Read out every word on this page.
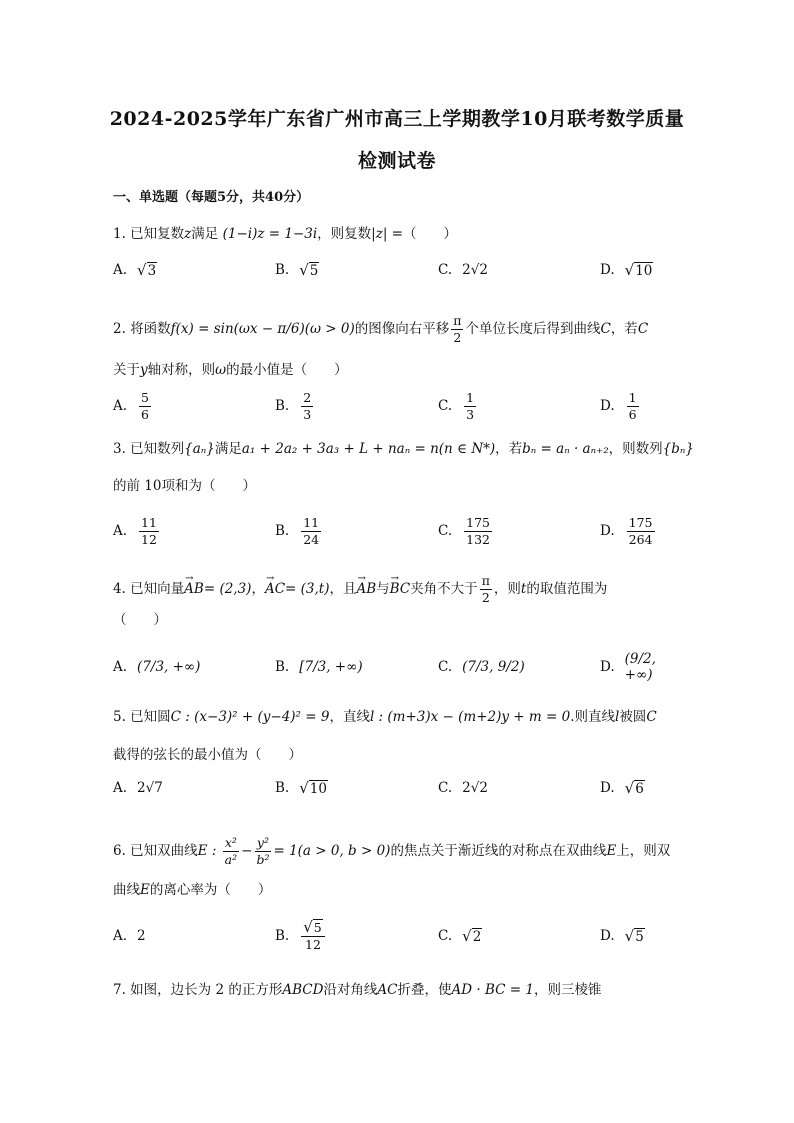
2024-2025学年广东省广州市高三上学期教学10月联考数学质量
检测试卷
一、单选题（每题5分，共40分）
1. 已知复数z满足 (1−i)z = 1−3i，则复数|z| =（　　）
A. √3	B. √5	C. 2√2	D. √10
2. 将函数f(x) = sin(ωx − π/6)(ω > 0)的图像向右平移 $\frac{\pi}{2}$ 个单位长度后得到曲线C，若C
关于y轴对称，则ω的最小值是（　　）
A. $\frac{5}{6}$	B. $\frac{2}{3}$	C. $\frac{1}{3}$	D. $\frac{1}{6}$
3. 已知数列{aₙ}满足a₁ + 2a₂ + 3a₃ + L + naₙ = n(n ∈ N*)，若bₙ = aₙ · aₙ₊₂，则数列{bₙ}
的前 10项和为（　　）
A. $\frac{11}{12}$	B. $\frac{11}{24}$	C. $\frac{175}{132}$	D. $\frac{175}{264}$
4. 已知向量→ AB= (2,3)，→ AC= (3,t)，且→ AB与→ BC夹角不大于 $\frac{\pi}{2}$ ，则t的取值范围为
（　　）
A. (7/3, +∞)	B. [7/3, +∞)	C. (7/3, 9/2)	D. (9/2, +∞)
5. 已知圆C : (x−3)² + (y−4)² = 9，直线l : (m+3)x − (m+2)y + m = 0.则直线l被圆C
截得的弦长的最小值为（　　）
A. 2√7	B. √10	C. 2√2	D. √6
6. 已知双曲线E : $\frac{\text{x²}}{\text{a²}} - \frac{\text{y²}}{\text{b²}} = 1(a > 0$, b > 0)的焦点关于渐近线的对称点在双曲线E上，则双
曲线E的离心率为（　　）
A. 2	B. $\frac{√5}{12}$	C. √2	D. √5
7. 如图，边长为 2 的正方形ABCD沿对角线AC折叠，使AD · BC = 1，则三棱锥
